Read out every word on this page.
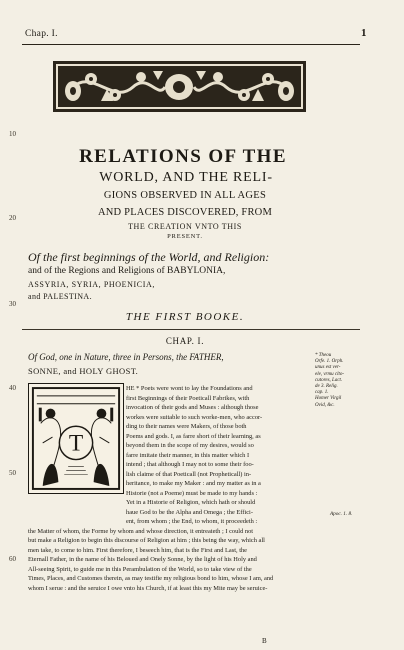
Chap. I.	1
10
20
30
40
50
60
RELATIONS OF THE
WORLD, AND THE RELI-
GIONS OBSERVED IN ALL AGES
AND PLACES DISCOVERED, FROM
THE CREATION VNTO THIS
PRESENT.
Of the first beginnings of the World, and Religion:
and of the Regions and Religions of BABYLONIA,
ASSYRIA, SYRIA, PHOENICIA,
and PALESTINA.
THE FIRST BOOKE.
CHAP. I.
Of God, one in Nature, three in Persons, the FATHER,
SONNE, and HOLY GHOST.
T
HE * Poets were wont to lay the Foundations and
first Beginnings of their Poeticall Fabrikes, with
invocation of their gods and Muses : although those
workes were suitable to such worke-men, who accor-
ding to their names were Makers, of those both
Poems and gods. I, as farre short of their learning, as
beyond them in the scope of my desires, would so
farre imitate their manner, in this matter which I
intend ; that although I may not to some their foo-
lish claime of that Poeticall (not Propheticall) in-
heritance, to make my Maker : and my matter as in a
Historie (not a Poeme) must be made to my hands :
Yet in a Historie of Religion, which hath or should
haue God to be the Alpha and Omega ; the Effici-
ent, from whom ; the End, to whom, it proceedeth :
the Matter of whom, the Forme by whom and whose direction, it entreateth ; I could not
but make a Religion to begin this discourse of Religion at him ; this being the way, which all
men take, to come to him. First therefore, I beseech him, that is the First and Last, the
Eternall Father, in the name of his Beloued and Onely Sonne, by the light of his Holy and
All-seeing Spirit, to guide me in this Perambulation of the World, so to take view of the
Times, Places, and Customes therein, as may testifie my religious bond to him, whose I am, and
whom I serue : and the seruice I owe vnto his Church, if at least this my Mite may be seruice-
* Theou
Orfe. 1. Orph.
unus est ver-
ele, vrmu clto-
cutores, Lact.
de 3. Relig.
cap. 1.
Homer Virgil
Ovid, &c.
Apoc. 1. 8.
B
